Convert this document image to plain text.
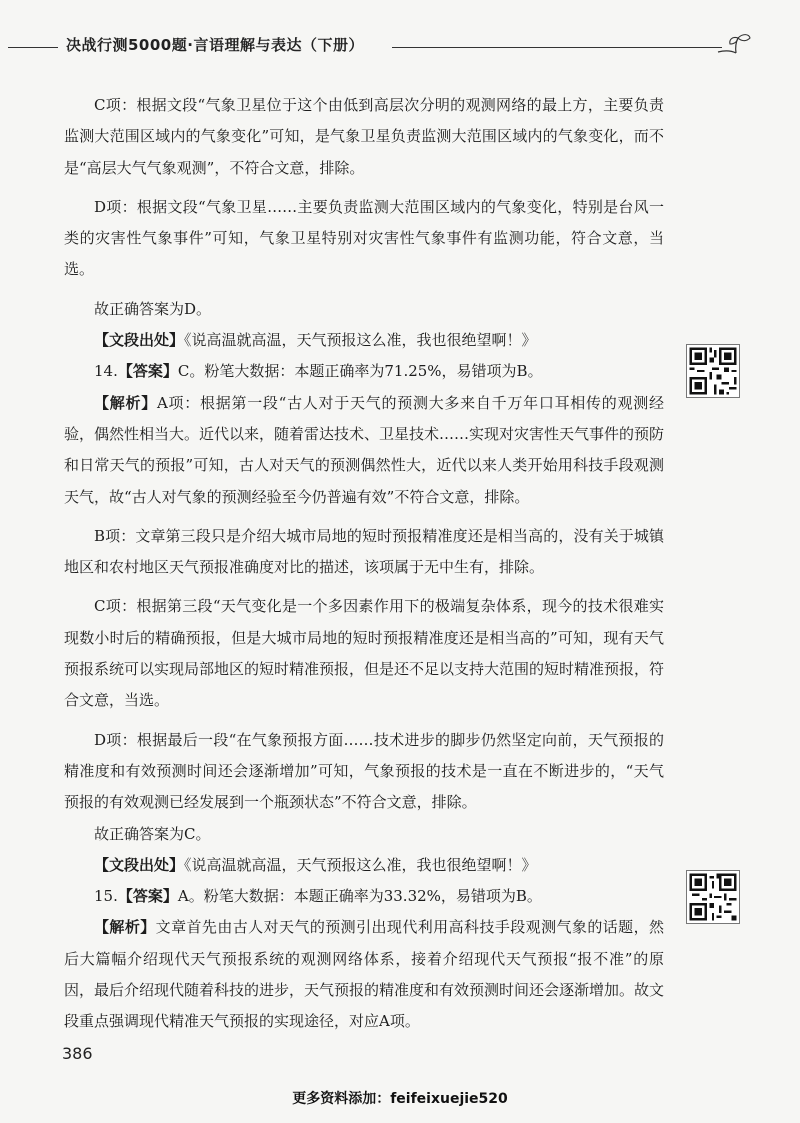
决战行测5000题·言语理解与表达（下册）

C项：根据文段“气象卫星位于这个由低到高层次分明的观测网络的最上方，主要负责监测大范围区域内的气象变化”可知，是气象卫星负责监测大范围区域内的气象变化，而不是“高层大气气象观测”，不符合文意，排除。

D项：根据文段“气象卫星……主要负责监测大范围区域内的气象变化，特别是台风一类的灾害性气象事件”可知，气象卫星特别对灾害性气象事件有监测功能，符合文意，当选。

故正确答案为D。

【文段出处】《说高温就高温，天气预报这么准，我也很绝望啊！》

14.【答案】C。粉笔大数据：本题正确率为71.25%，易错项为B。

【解析】A项：根据第一段“古人对于天气的预测大多来自千万年口耳相传的观测经验，偶然性相当大。近代以来，随着雷达技术、卫星技术……实现对灾害性天气事件的预防和日常天气的预报”可知，古人对天气的预测偶然性大，近代以来人类开始用科技手段观测天气，故“古人对气象的预测经验至今仍普遍有效”不符合文意，排除。

B项：文章第三段只是介绍大城市局地的短时预报精准度还是相当高的，没有关于城镇地区和农村地区天气预报准确度对比的描述，该项属于无中生有，排除。

C项：根据第三段“天气变化是一个多因素作用下的极端复杂体系，现今的技术很难实现数小时后的精确预报，但是大城市局地的短时预报精准度还是相当高的”可知，现有天气预报系统可以实现局部地区的短时精准预报，但是还不足以支持大范围的短时精准预报，符合文意，当选。

D项：根据最后一段“在气象预报方面……技术进步的脚步仍然坚定向前，天气预报的精准度和有效预测时间还会逐渐增加”可知，气象预报的技术是一直在不断进步的，“天气预报的有效观测已经发展到一个瓶颈状态”不符合文意，排除。

故正确答案为C。

【文段出处】《说高温就高温，天气预报这么准，我也很绝望啊！》

15.【答案】A。粉笔大数据：本题正确率为33.32%，易错项为B。

【解析】文章首先由古人对天气的预测引出现代利用高科技手段观测气象的话题，然后大篇幅介绍现代天气预报系统的观测网络体系，接着介绍现代天气预报“报不准”的原因，最后介绍现代随着科技的进步，天气预报的精准度和有效预测时间还会逐渐增加。故文段重点强调现代精准天气预报的实现途径，对应A项。

386
更多资料添加：feifeixuejie520
